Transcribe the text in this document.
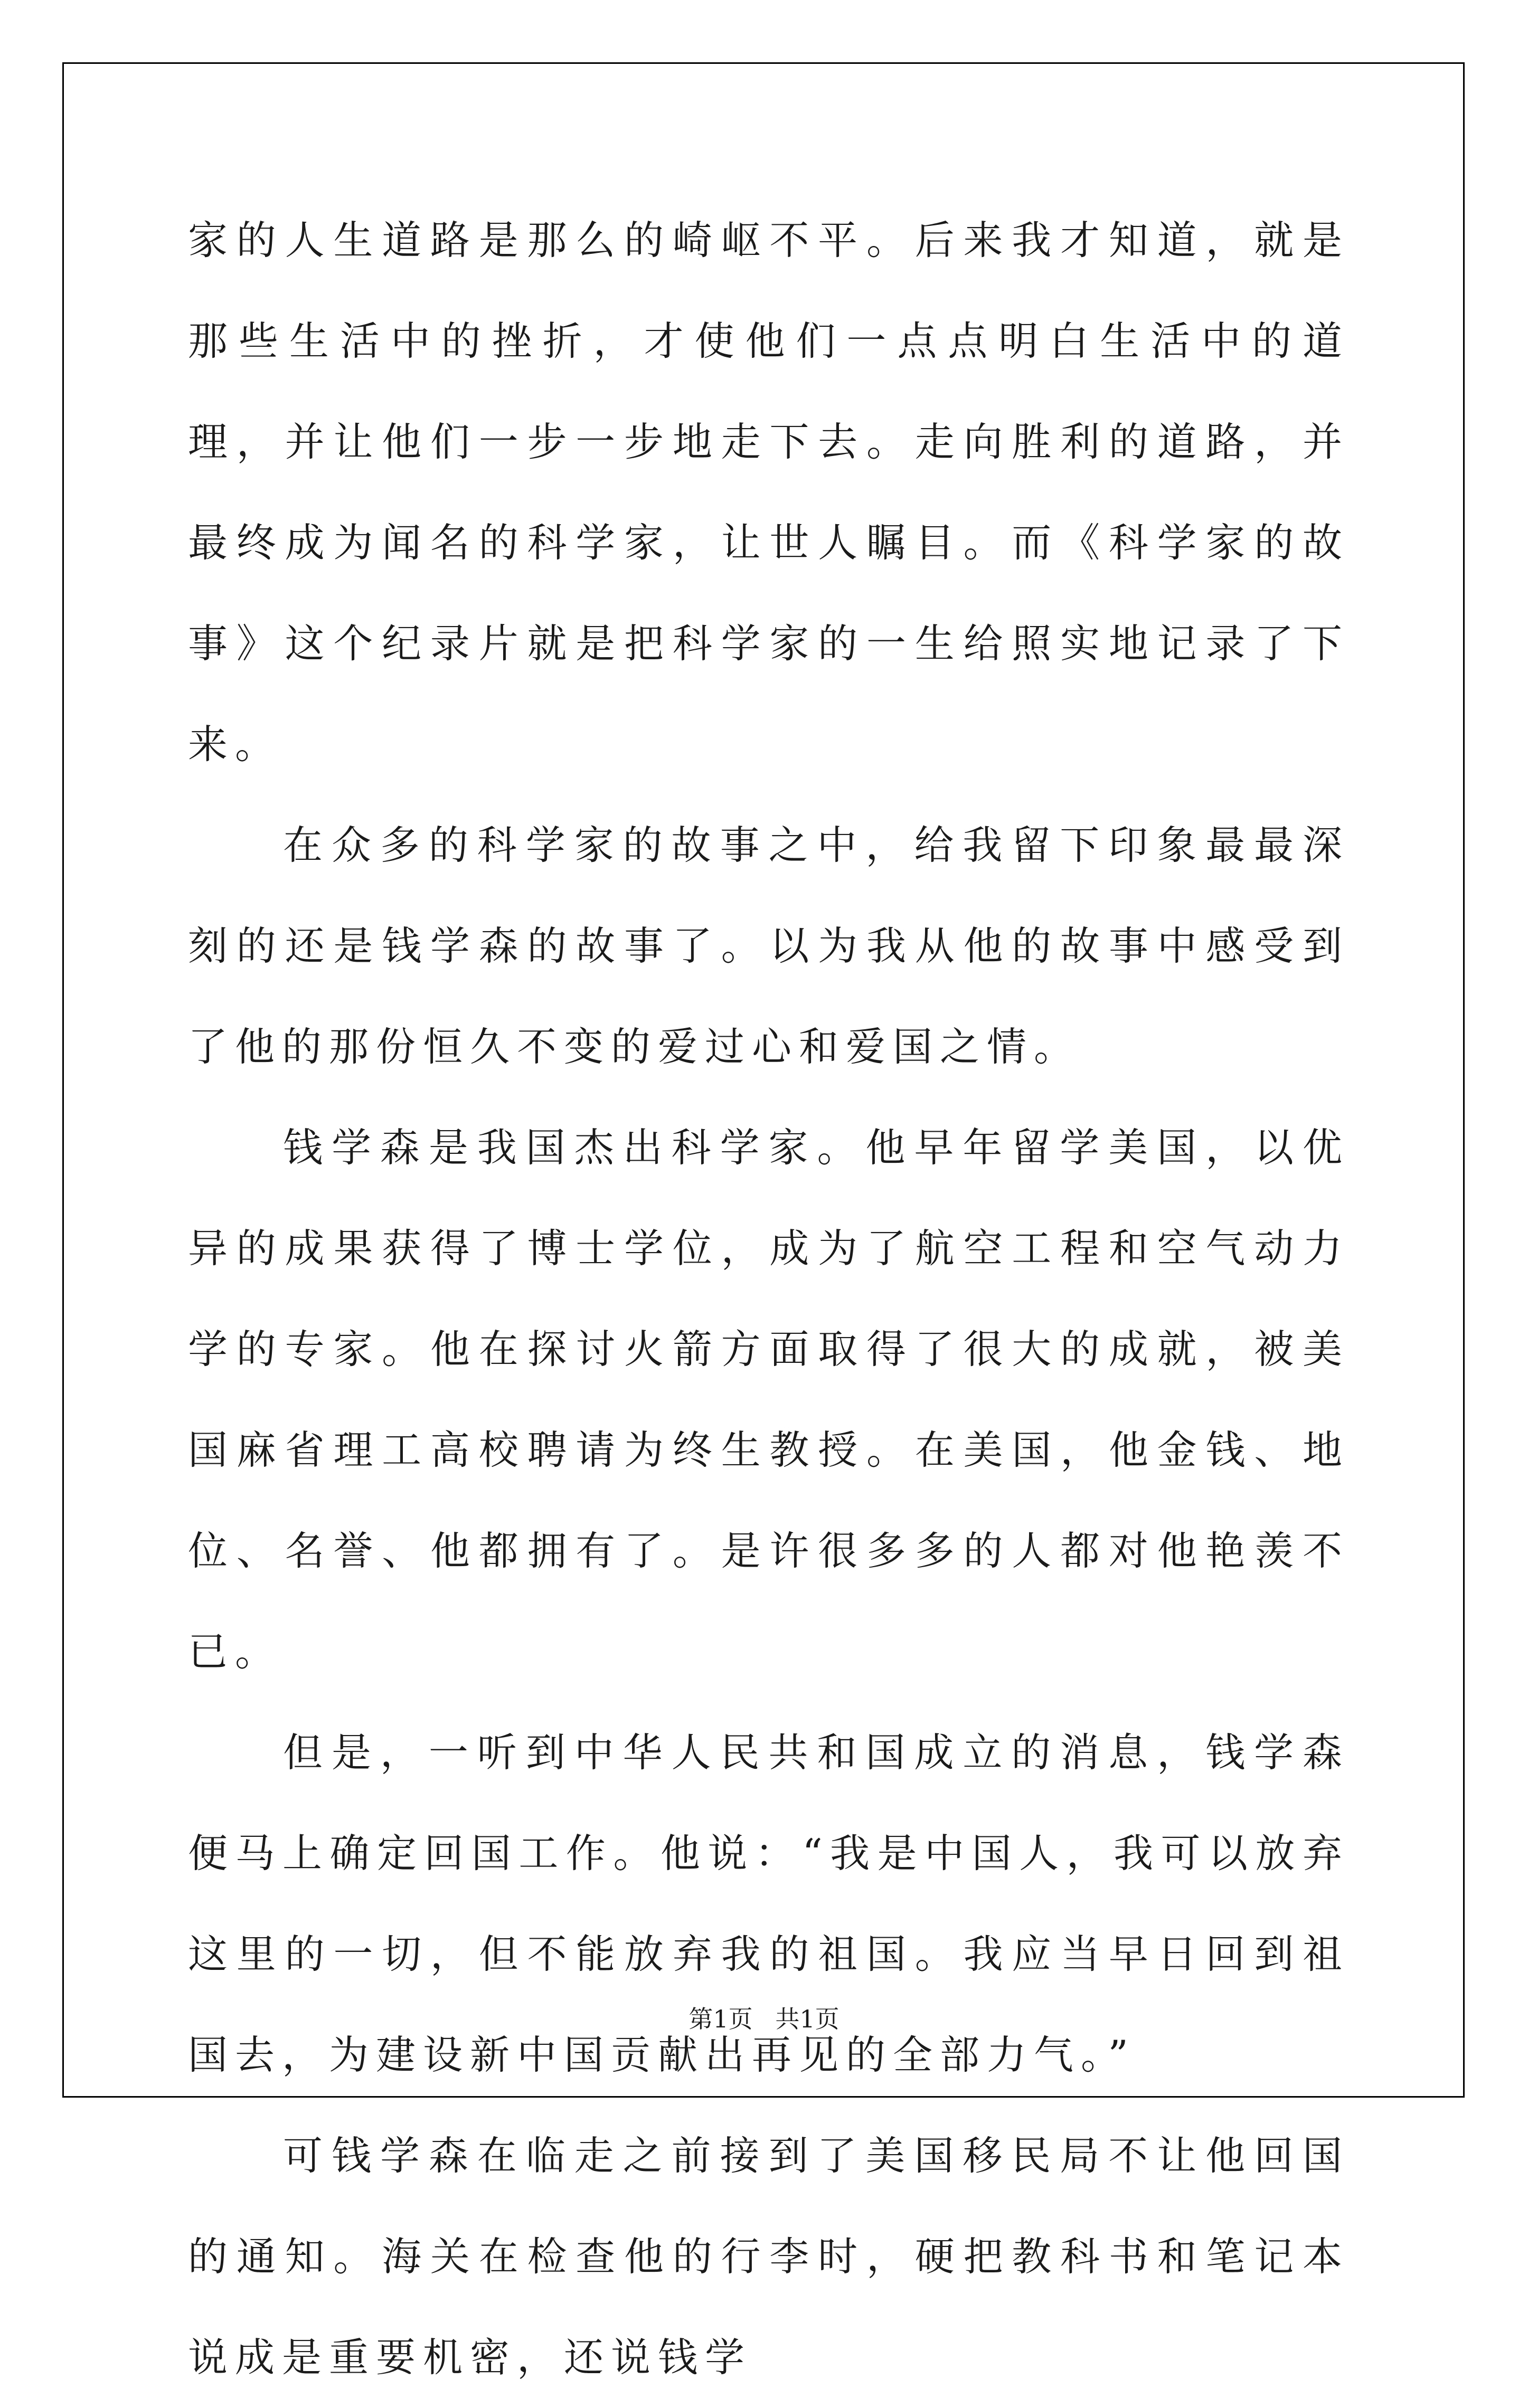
家的人生道路是那么的崎岖不平。后来我才知道，就是那些生活中的挫折，才使他们一点点明白生活中的道理，并让他们一步一步地走下去。走向胜利的道路，并最终成为闻名的科学家，让世人瞩目。而《科学家的故事》这个纪录片就是把科学家的一生给照实地记录了下来。

在众多的科学家的故事之中，给我留下印象最最深刻的还是钱学森的故事了。以为我从他的故事中感受到了他的那份恒久不变的爱过心和爱国之情。

钱学森是我国杰出科学家。他早年留学美国，以优异的成果获得了博士学位，成为了航空工程和空气动力学的专家。他在探讨火箭方面取得了很大的成就，被美国麻省理工高校聘请为终生教授。在美国，他金钱、地位、名誉、他都拥有了。是许很多多的人都对他艳羡不已。

但是，一听到中华人民共和国成立的消息，钱学森便马上确定回国工作。他说：“我是中国人，我可以放弃这里的一切，但不能放弃我的祖国。我应当早日回到祖国去，为建设新中国贡献出再见的全部力气。”

可钱学森在临走之前接到了美国移民局不让他回国的通知。海关在检查他的行李时，硬把教科书和笔记本说成是重要机密，还说钱学

第1页 共1页
